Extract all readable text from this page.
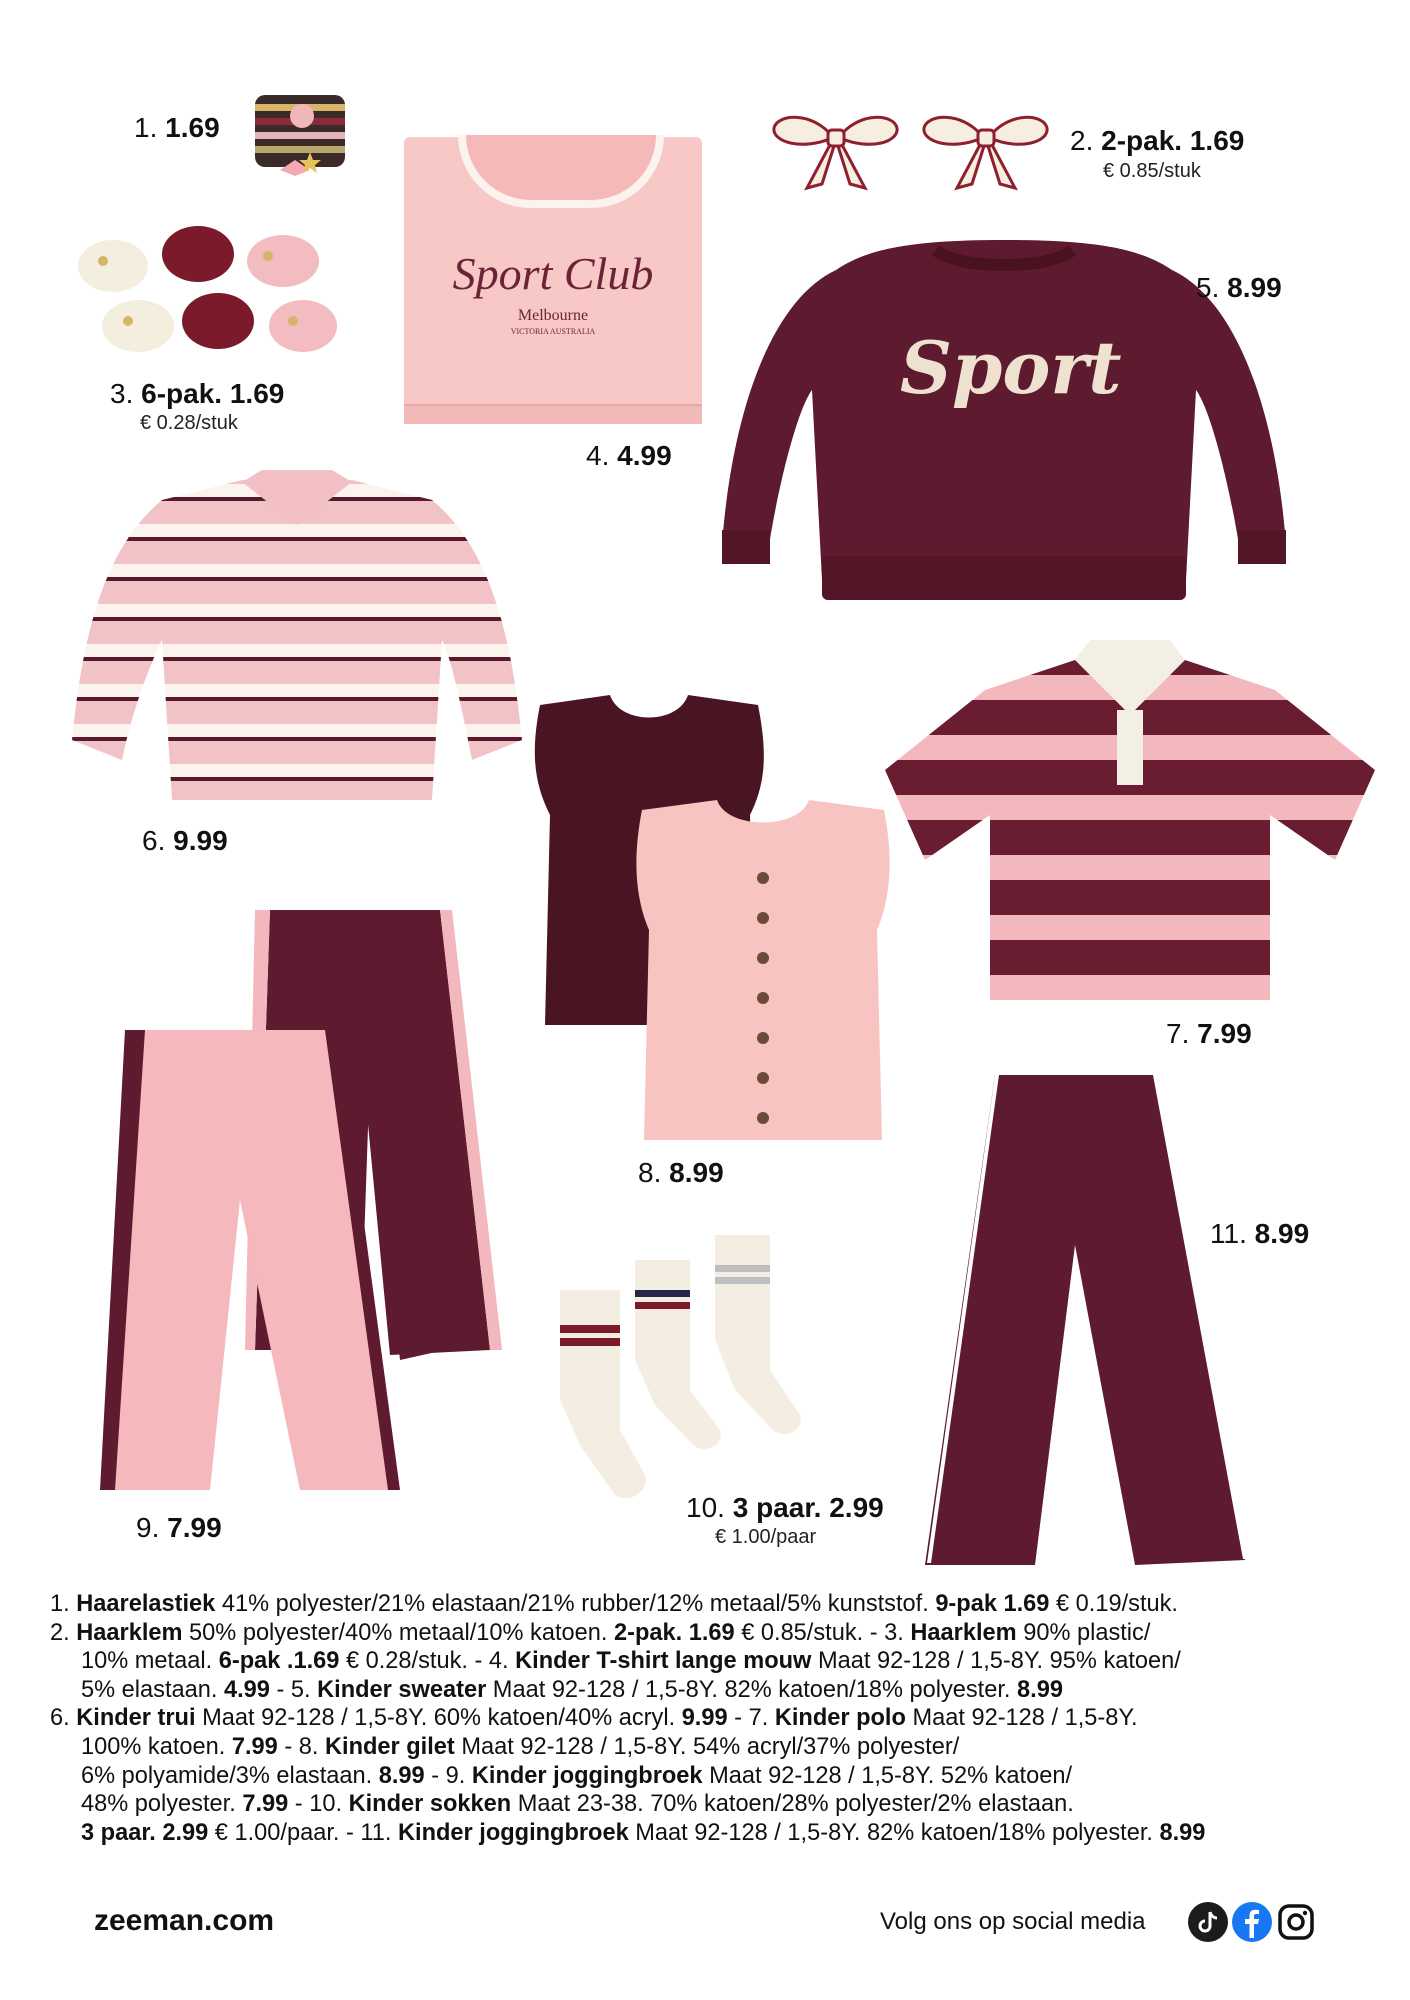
Sport Club
Melbourne
VICTORIA AUSTRALIA	Sport
1. 1.69	2. 2-pak. 1.69
€ 0.85/stuk
3. 6-pak. 1.69
€ 0.28/stuk
4. 4.99
5. 8.99
6. 9.99
7. 7.99
8. 8.99
9. 7.99
10. 3 paar. 2.99
€ 1.00/paar
11. 8.99
1. Haarelastiek 41% polyester/21% elastaan/21% rubber/12% metaal/5% kunststof. 9-pak 1.69 € 0.19/stuk.
2. Haarklem 50% polyester/40% metaal/10% katoen. 2-pak. 1.69 € 0.85/stuk. - 3. Haarklem 90% plastic/
10% metaal. 6-pak .1.69 € 0.28/stuk. - 4. Kinder T-shirt lange mouw Maat 92-128 / 1,5-8Y. 95% katoen/
5% elastaan. 4.99 - 5. Kinder sweater Maat 92-128 / 1,5-8Y. 82% katoen/18% polyester. 8.99
6. Kinder trui Maat 92-128 / 1,5-8Y. 60% katoen/40% acryl. 9.99 - 7. Kinder polo Maat 92-128 / 1,5-8Y.
100% katoen. 7.99 - 8. Kinder gilet Maat 92-128 / 1,5-8Y. 54% acryl/37% polyester/
6% polyamide/3% elastaan. 8.99 - 9. Kinder joggingbroek Maat 92-128 / 1,5-8Y. 52% katoen/
48% polyester. 7.99 - 10. Kinder sokken Maat 23-38. 70% katoen/28% polyester/2% elastaan.
3 paar. 2.99 € 1.00/paar. - 11. Kinder joggingbroek Maat 92-128 / 1,5-8Y. 82% katoen/18% polyester. 8.99
zeeman.com	Volg ons op social media
